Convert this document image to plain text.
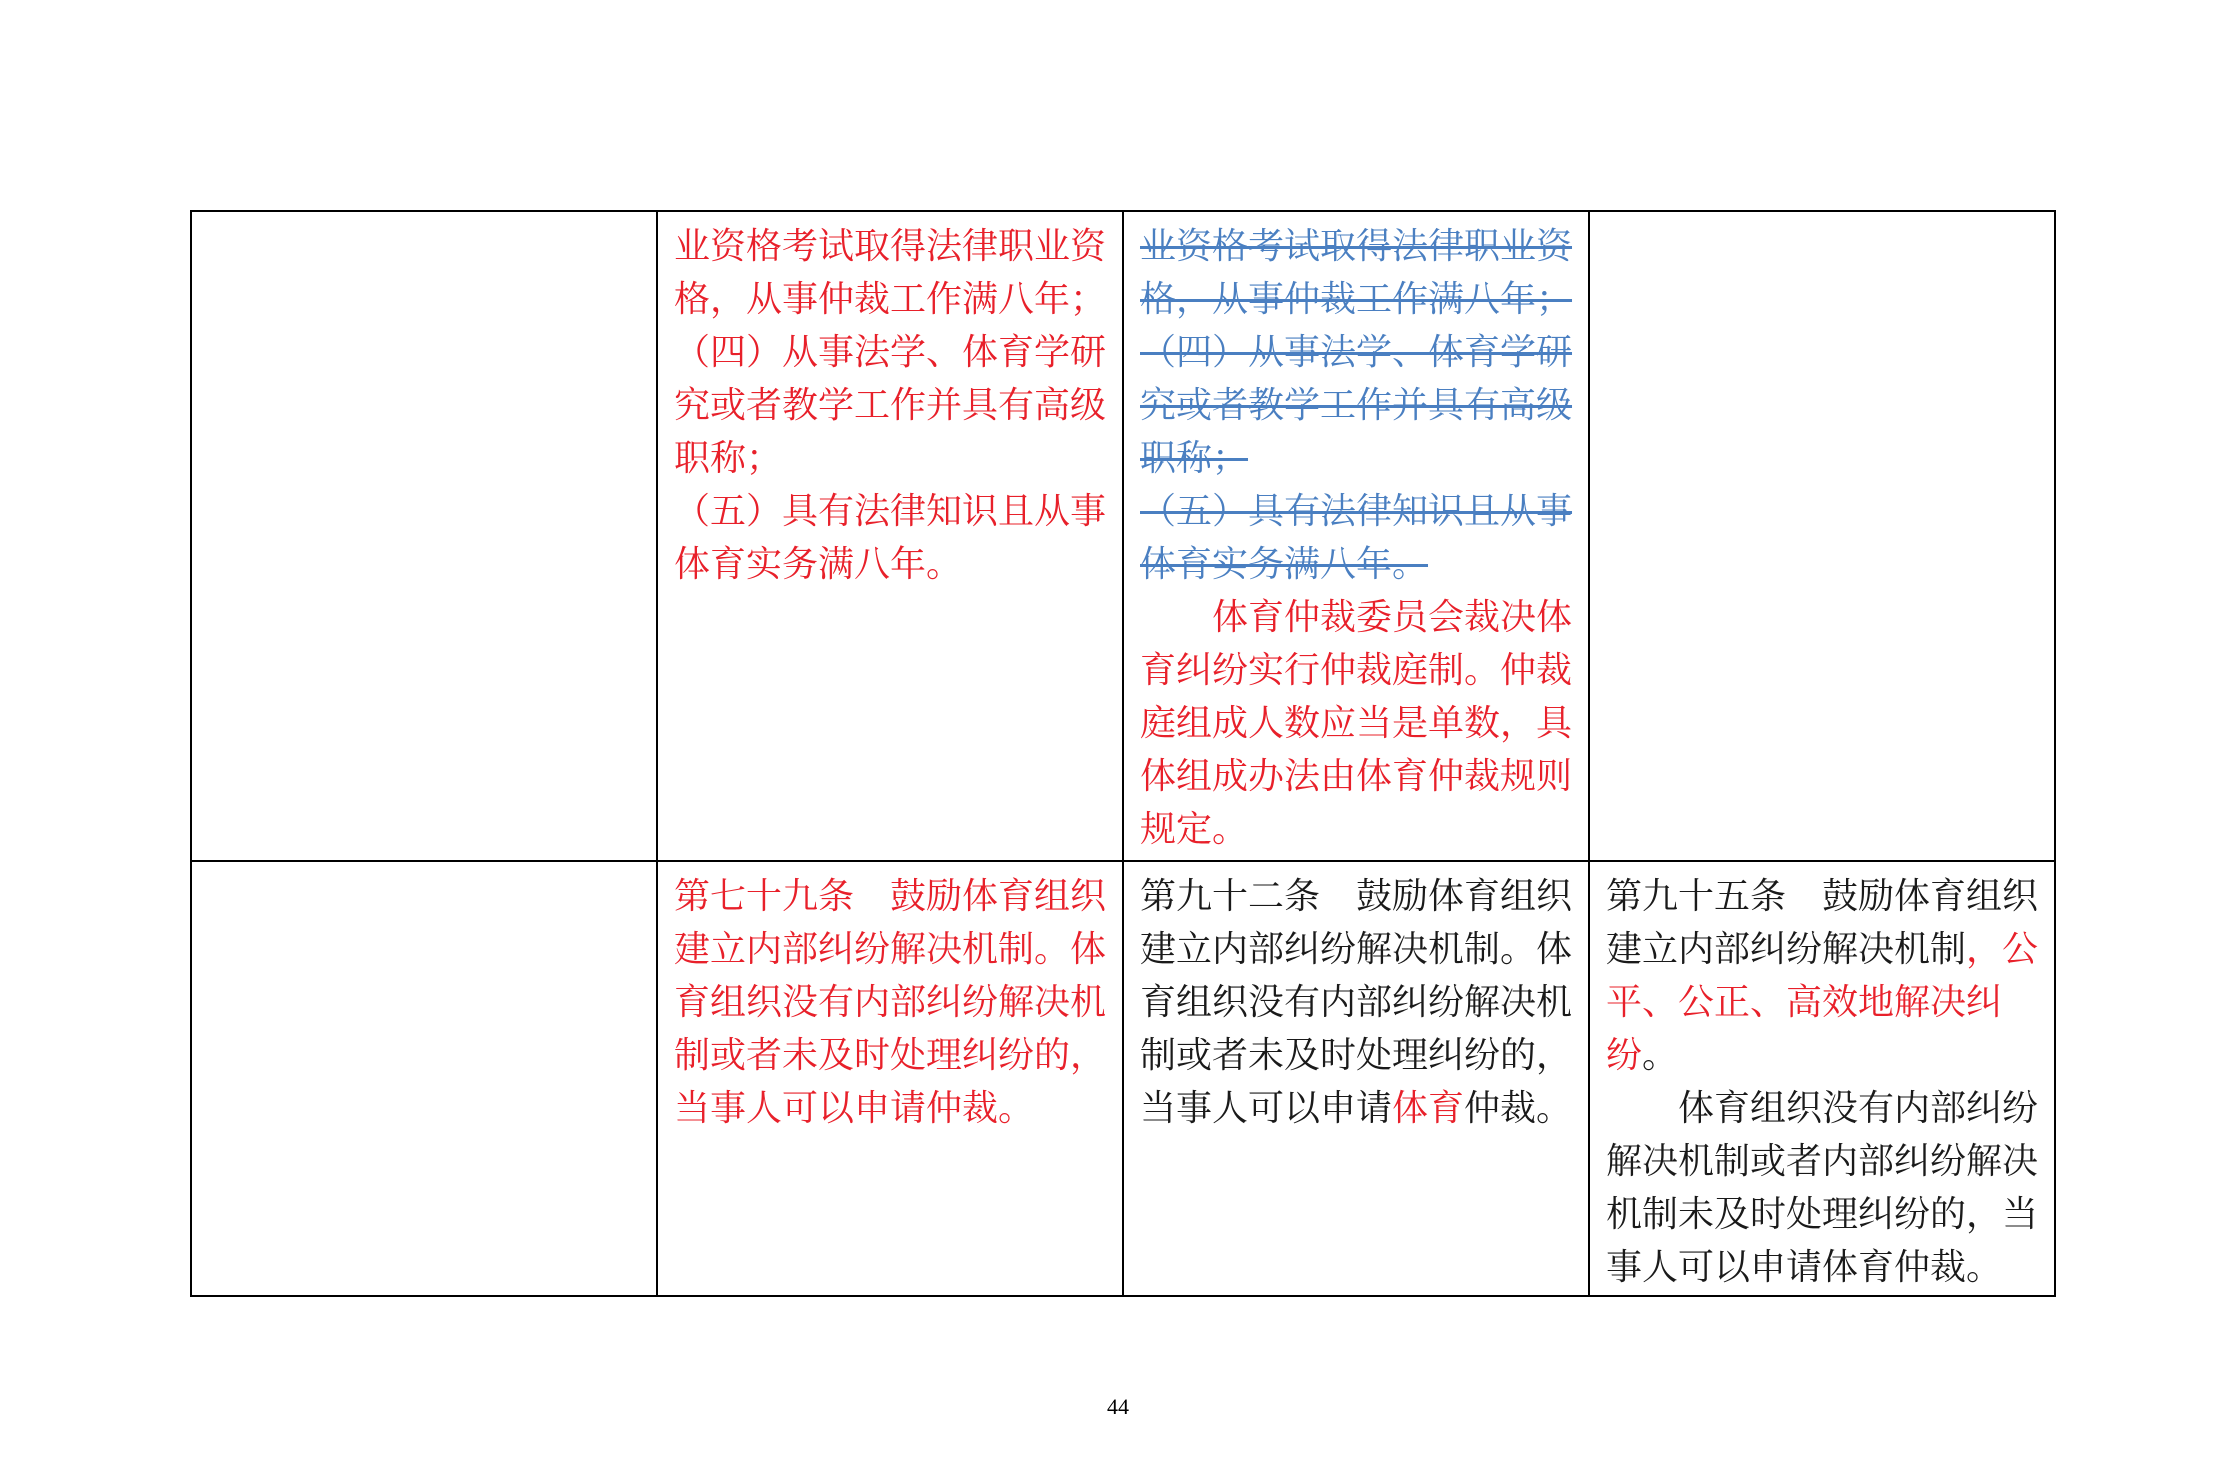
	业资格考试取得法律职业资格，从事仲裁工作满八年；
（四）从事法学、体育学研究或者教学工作并具有高级职称；
（五）具有法律知识且从事体育实务满八年。	业资格考试取得法律职业资格，从事仲裁工作满八年；
（四）从事法学、体育学研究或者教学工作并具有高级职称；
（五）具有法律知识且从事体育实务满八年。
体育仲裁委员会裁决体育纠纷实行仲裁庭制。仲裁庭组成人数应当是单数，具体组成办法由体育仲裁规则规定。	

	第七十九条　鼓励体育组织建立内部纠纷解决机制。体育组织没有内部纠纷解决机制或者未及时处理纠纷的，当事人可以申请仲裁。	第九十二条　鼓励体育组织建立内部纠纷解决机制。体育组织没有内部纠纷解决机制或者未及时处理纠纷的，当事人可以申请体育仲裁。	第九十五条　鼓励体育组织建立内部纠纷解决机制，公平、公正、高效地解决纠纷。
体育组织没有内部纠纷解决机制或者内部纠纷解决机制未及时处理纠纷的，当事人可以申请体育仲裁。
44
